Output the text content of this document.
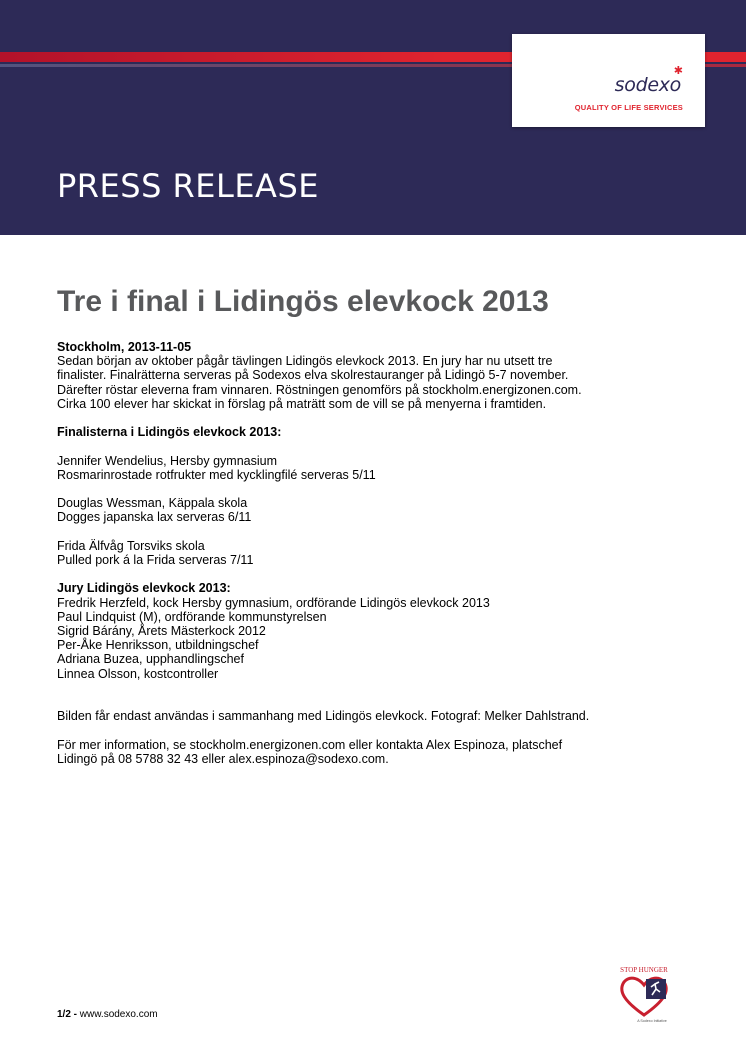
✱
sodexo
QUALITY OF LIFE SERVICES
PRESS RELEASE
Tre i final i Lidingös elevkock 2013

Stockholm, 2013-11-05

Sedan början av oktober pågår tävlingen Lidingös elevkock 2013. En jury har nu utsett tre

finalister. Finalrätterna serveras på Sodexos elva skolrestauranger på Lidingö 5-7 november.

Därefter röstar eleverna fram vinnaren. Röstningen genomförs på stockholm.energizonen.com.

Cirka 100 elever har skickat in förslag på maträtt som de vill se på menyerna i framtiden.

Finalisterna i Lidingös elevkock 2013:

Jennifer Wendelius, Hersby gymnasium

Rosmarinrostade rotfrukter med kycklingfilé serveras 5/11

Douglas Wessman, Käppala skola

Dogges japanska lax serveras 6/11

Frida Älfvåg Torsviks skola

Pulled pork á la Frida serveras 7/11

Jury Lidingös elevkock 2013:

Fredrik Herzfeld, kock Hersby gymnasium, ordförande Lidingös elevkock 2013

Paul Lindquist (M), ordförande kommunstyrelsen

Sigrid Bárány, Årets Mästerkock 2012

Per-Åke Henriksson, utbildningschef

Adriana Buzea, upphandlingschef

Linnea Olsson, kostcontroller

Bilden får endast användas i sammanhang med Lidingös elevkock. Fotograf: Melker Dahlstrand.

För mer information, se stockholm.energizonen.com eller kontakta Alex Espinoza, platschef

Lidingö på 08 5788 32 43 eller alex.espinoza@sodexo.com.

1/2 - www.sodexo.com
STOP HUNGER
A Sodexo Initiative
